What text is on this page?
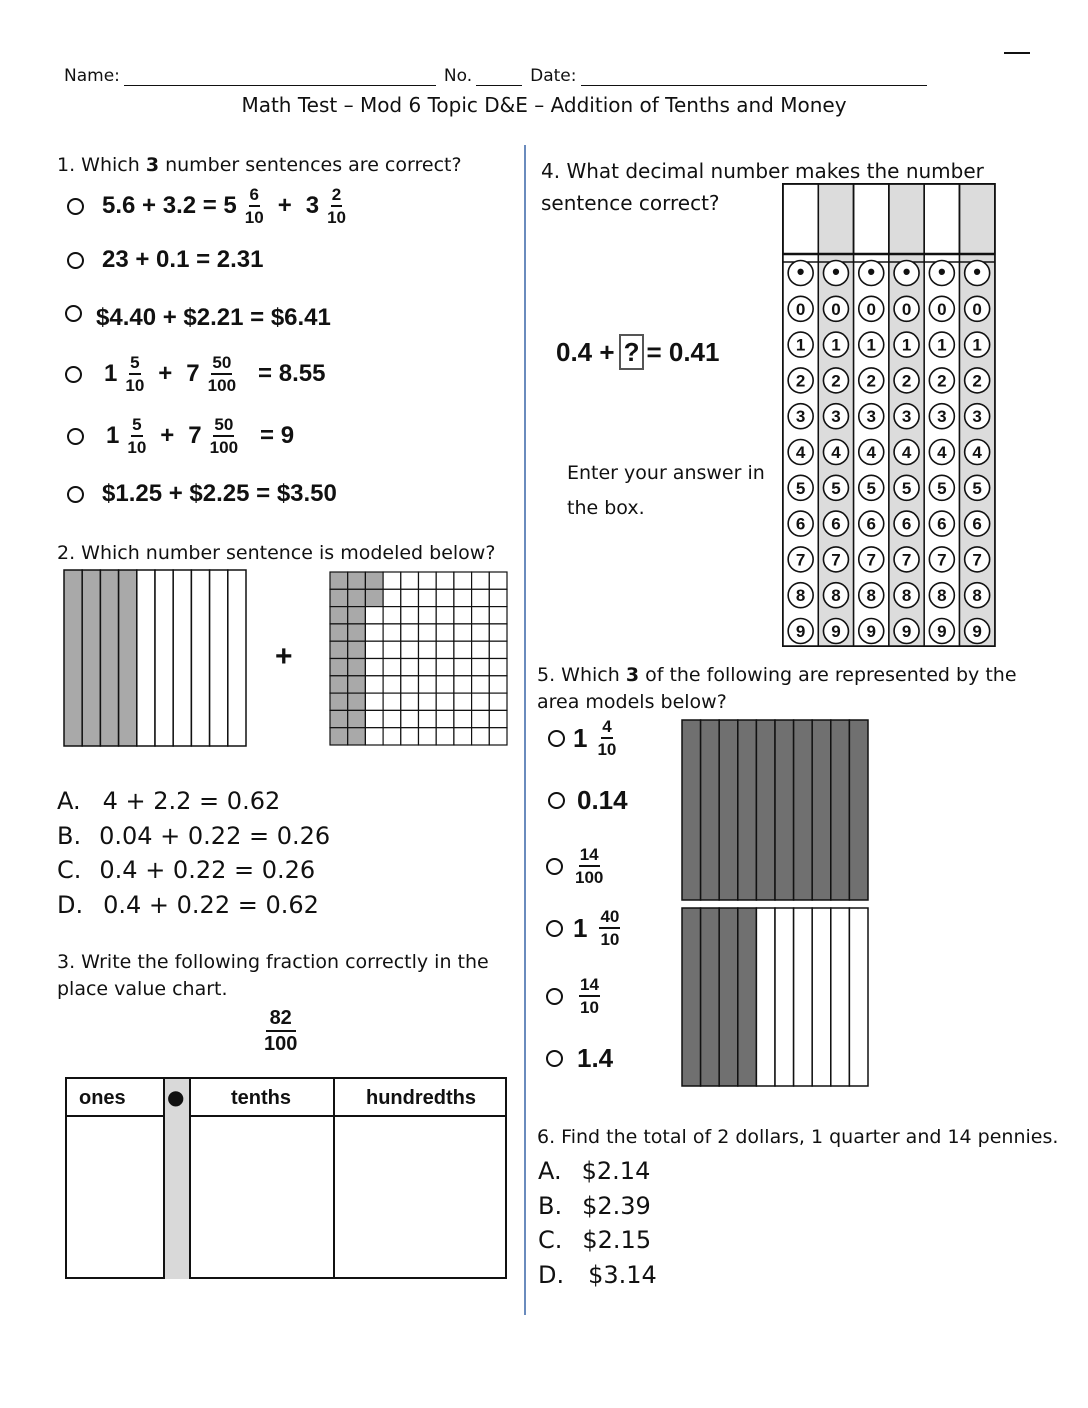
Name:	No.	Date:
Math Test – Mod 6 Topic D&E – Addition of Tenths and Money
1. Which 3 number sentences are correct?
$5.6 + 3.2 = 5 \frac{6}{10} + 3 \frac{2}{10}$
23 + 0.1 = 2.31
$4.40 + $2.21 = $6.41
$1 \frac{5}{10} + 7 \frac{50}{100} = 8.55$
$1 \frac{5}{10} + 7 \frac{50}{100} = 9$
$1.25 + $2.25 = $3.50
2. Which number sentence is modeled below?
+
A. 4 + 2.2 = 0.62
B. 0.04 + 0.22 = 0.26
C. 0.4 + 0.22 = 0.26
D. 0.4 + 0.22 = 0.62
3. Write the following fraction correctly in the place value chart.
$\frac{82}{100}$
ones ●	tenths	hundredths
4. What decimal number makes the number sentence correct?
0.4 + ? = 0.41
Enter your answer in the box.
• • • • • •
0 0 0 0 0 0
1 1 1 1 1 1
2 2 2 2 2 2
3 3 3 3 3 3
4 4 4 4 4 4
5 5 5 5 5 5
6 6 6 6 6 6
7 7 7 7 7 7
8 8 8 8 8 8
9 9 9 9 9 9
5. Which 3 of the following are represented by the area models below?
$1 \frac{4}{10}$
0.14
$\frac{14}{100}$
$1 \frac{40}{10}$
$\frac{14}{10}$
1.4
6. Find the total of 2 dollars, 1 quarter and 14 pennies.
A. $2.14
B. $2.39
C. $2.15
D. $3.14
